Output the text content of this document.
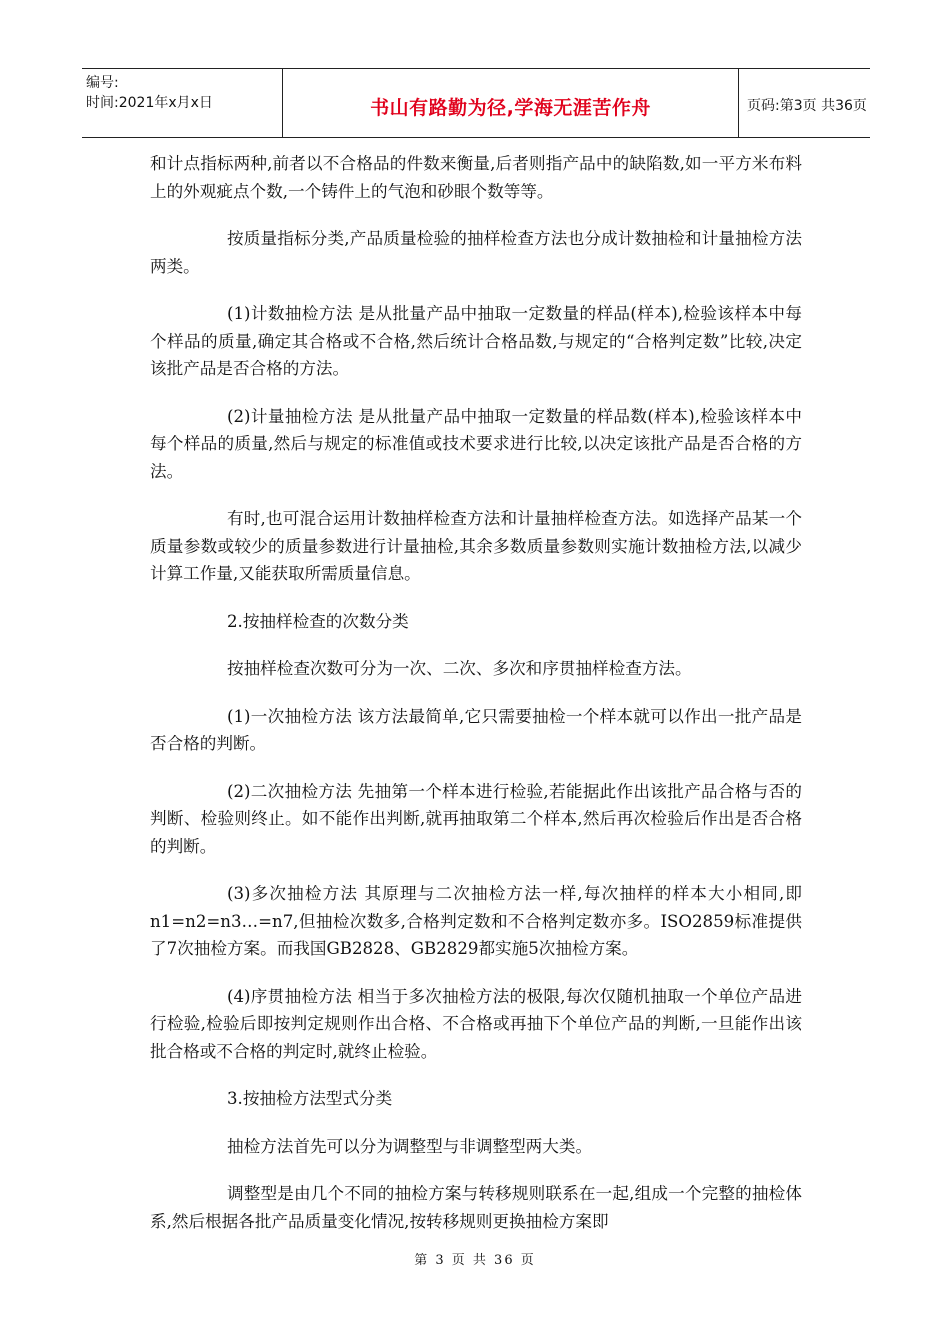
编号:
时间:2021年x月x日	书山有路勤为径,学海无涯苦作舟	页码:第3页 共36页

和计点指标两种,前者以不合格品的件数来衡量,后者则指产品中的缺陷数,如一平方米布料上的外观疵点个数,一个铸件上的气泡和砂眼个数等等。

按质量指标分类,产品质量检验的抽样检查方法也分成计数抽检和计量抽检方法两类。

(1)计数抽检方法 是从批量产品中抽取一定数量的样品(样本),检验该样本中每个样品的质量,确定其合格或不合格,然后统计合格品数,与规定的“合格判定数”比较,决定该批产品是否合格的方法。

(2)计量抽检方法 是从批量产品中抽取一定数量的样品数(样本),检验该样本中每个样品的质量,然后与规定的标准值或技术要求进行比较,以决定该批产品是否合格的方法。

有时,也可混合运用计数抽样检查方法和计量抽样检查方法。如选择产品某一个质量参数或较少的质量参数进行计量抽检,其余多数质量参数则实施计数抽检方法,以减少计算工作量,又能获取所需质量信息。

2.按抽样检查的次数分类

按抽样检查次数可分为一次、二次、多次和序贯抽样检查方法。

(1)一次抽检方法 该方法最简单,它只需要抽检一个样本就可以作出一批产品是否合格的判断。

(2)二次抽检方法 先抽第一个样本进行检验,若能据此作出该批产品合格与否的判断、检验则终止。如不能作出判断,就再抽取第二个样本,然后再次检验后作出是否合格的判断。

(3)多次抽检方法 其原理与二次抽检方法一样,每次抽样的样本大小相同,即n1=n2=n3…=n7,但抽检次数多,合格判定数和不合格判定数亦多。ISO2859标准提供了7次抽检方案。而我国GB2828、GB2829都实施5次抽检方案。

(4)序贯抽检方法 相当于多次抽检方法的极限,每次仅随机抽取一个单位产品进行检验,检验后即按判定规则作出合格、不合格或再抽下个单位产品的判断,一旦能作出该批合格或不合格的判定时,就终止检验。

3.按抽检方法型式分类

抽检方法首先可以分为调整型与非调整型两大类。

调整型是由几个不同的抽检方案与转移规则联系在一起,组成一个完整的抽检体系,然后根据各批产品质量变化情况,按转移规则更换抽检方案即

第 3 页 共 36 页
